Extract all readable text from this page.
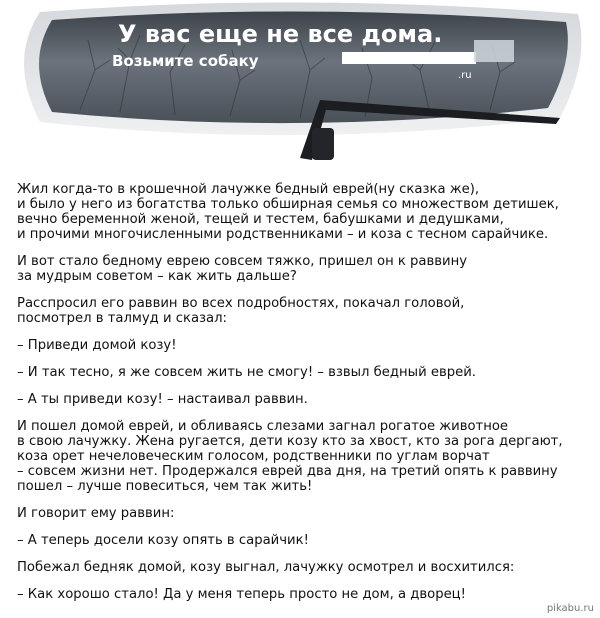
У вас еще не все дома.
Возьмите собаку
.ru

Жил когда-то в крошечной лачужке бедный еврей(ну сказка же),
и было у него из богатства только обширная семья со множеством детишек,
вечно беременной женой, тещей и тестем, бабушками и дедушками,
и прочими многочисленными родственниками – и коза с тесном сарайчике.

И вот стало бедному еврею совсем тяжко, пришел он к раввину
за мудрым советом – как жить дальше?

Расспросил его раввин во всех подробностях, покачал головой,
посмотрел в талмуд и сказал:

– Приведи домой козу!

– И так тесно, я же совсем жить не смогу! – взвыл бедный еврей.

– А ты приведи козу! – настаивал раввин.

И пошел домой еврей, и обливаясь слезами загнал рогатое животное
в свою лачужку. Жена ругается, дети козу кто за хвост, кто за рога дергают,
коза орет нечеловеческим голосом, родственники по углам ворчат
– совсем жизни нет. Продержался еврей два дня, на третий опять к раввину
пошел – лучше повеситься, чем так жить!

И говорит ему раввин:

– А теперь досели козу опять в сарайчик!

Побежал бедняк домой, козу выгнал, лачужку осмотрел и восхитился:

– Как хорошо стало! Да у меня теперь просто не дом, а дворец!

pikabu.ru
